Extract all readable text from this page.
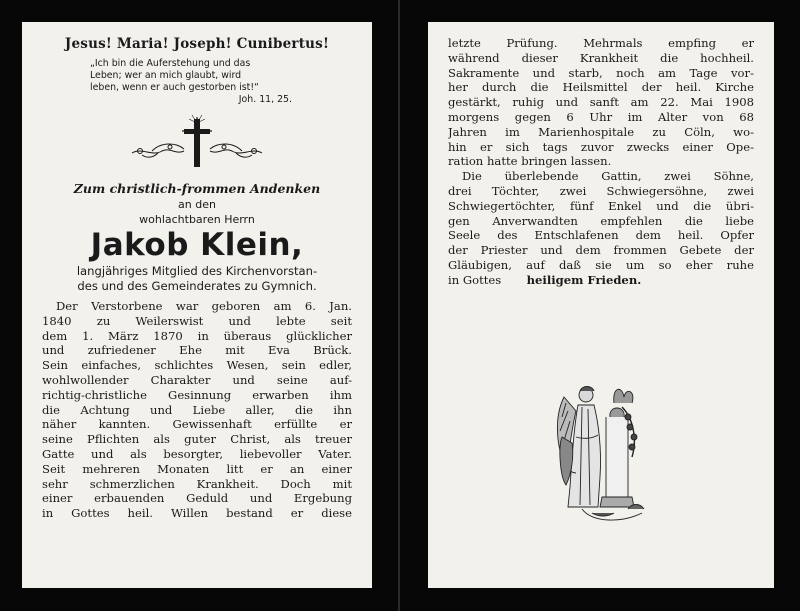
Jesus! Maria! Joseph! Cunibertus!
„Ich bin die Auferstehung und das
Leben; wer an mich glaubt, wird
leben, wenn er auch gestorben ist!“
Joh. 11, 25.
Zum christlich-frommen Andenken
an den
wohlachtbaren Herrn
Jakob Klein,
langjähriges Mitglied des Kirchenvorstan-
des und des Gemeinderates zu Gymnich.
Der Verstorbene war geboren am 6. Jan.
1840 zu Weilerswist und lebte seit
dem 1. März 1870 in überaus glücklicher
und zufriedener Ehe mit Eva Brück.
Sein einfaches, schlichtes Wesen, sein edler,
wohlwollender Charakter und seine auf-
richtig-christliche Gesinnung erwarben ihm
die Achtung und Liebe aller, die ihn
näher kannten. Gewissenhaft erfüllte er
seine Pflichten als guter Christ, als treuer
Gatte und als besorgter, liebevoller Vater.
Seit mehreren Monaten litt er an einer
sehr schmerzlichen Krankheit. Doch mit
einer erbauenden Geduld und Ergebung
in Gottes heil. Willen bestand er diese
letzte Prüfung. Mehrmals empfing er
während dieser Krankheit die hochheil.
Sakramente und starb, noch am Tage vor-
her durch die Heilsmittel der heil. Kirche
gestärkt, ruhig und sanft am 22. Mai 1908
morgens gegen 6 Uhr im Alter von 68
Jahren im Marienhospitale zu Cöln, wo-
hin er sich tags zuvor zwecks einer Ope-
ration hatte bringen lassen.
Die überlebende Gattin, zwei Söhne,
drei Töchter, zwei Schwiegersöhne, zwei
Schwiegertöchter, fünf Enkel und die übri-
gen Anverwandten empfehlen die liebe
Seele des Entschlafenen dem heil. Opfer
der Priester und dem frommen Gebete der
Gläubigen, auf daß sie um so eher ruhe
in Gottes heiligem Frieden.
